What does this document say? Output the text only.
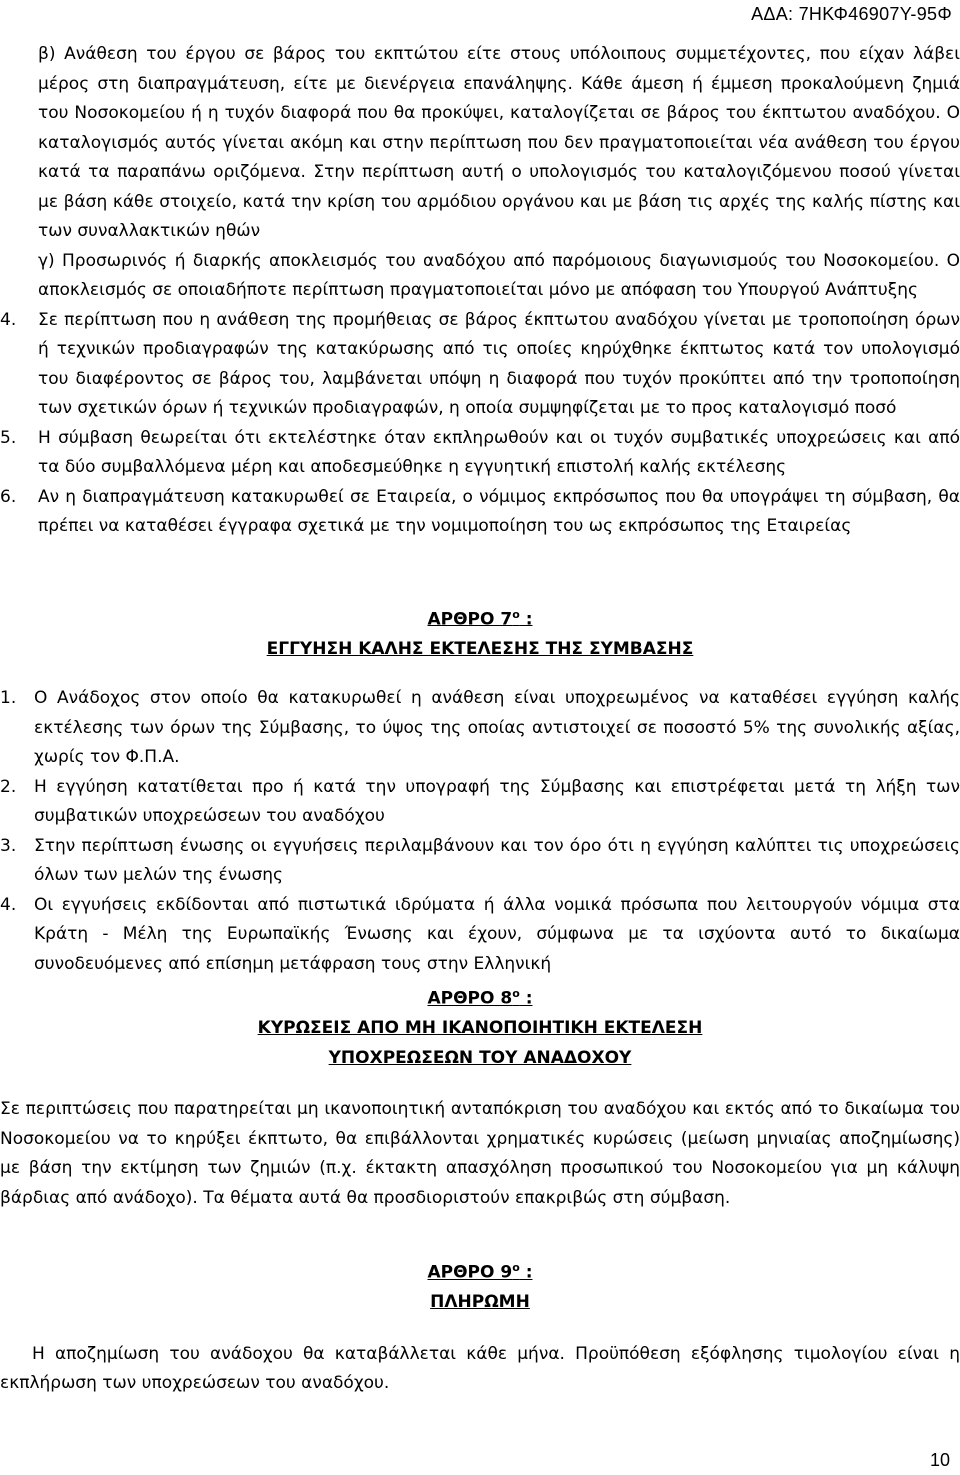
ΑΔΑ: 7ΗΚΦ46907Υ-95Φ

β) Ανάθεση του έργου σε βάρος του εκπτώτου είτε στους υπόλοιπους συμμετέχοντες, που είχαν λάβει μέρος στη διαπραγμάτευση, είτε με διενέργεια επανάληψης. Κάθε άμεση ή έμμεση προκαλούμενη ζημιά του Νοσοκομείου ή η τυχόν διαφορά που θα προκύψει, καταλογίζεται σε βάρος του έκπτωτου αναδόχου. Ο καταλογισμός αυτός γίνεται ακόμη και στην περίπτωση που δεν πραγματοποιείται νέα ανάθεση του έργου κατά τα παραπάνω οριζόμενα. Στην περίπτωση αυτή ο υπολογισμός του καταλογιζόμενου ποσού γίνεται με βάση κάθε στοιχείο, κατά την κρίση του αρμόδιου οργάνου και με βάση τις αρχές της καλής πίστης και των συναλλακτικών ηθών

γ) Προσωρινός ή διαρκής αποκλεισμός του αναδόχου από παρόμοιους διαγωνισμούς του Νοσοκομείου. Ο αποκλεισμός σε οποιαδήποτε περίπτωση πραγματοποιείται μόνο με απόφαση του Υπουργού Ανάπτυξης

4.	Σε περίπτωση που η ανάθεση της προμήθειας σε βάρος έκπτωτου αναδόχου γίνεται με τροποποίηση όρων ή τεχνικών προδιαγραφών της κατακύρωσης από τις οποίες κηρύχθηκε έκπτωτος κατά τον υπολογισμό του διαφέροντος σε βάρος του, λαμβάνεται υπόψη η διαφορά που τυχόν προκύπτει από την τροποποίηση των σχετικών όρων ή τεχνικών προδιαγραφών, η οποία συμψηφίζεται με το προς καταλογισμό ποσό
5.	Η σύμβαση θεωρείται ότι εκτελέστηκε όταν εκπληρωθούν και οι τυχόν συμβατικές υποχρεώσεις και από τα δύο συμβαλλόμενα μέρη και αποδεσμεύθηκε η εγγυητική επιστολή καλής εκτέλεσης
6.	Αν η διαπραγμάτευση κατακυρωθεί σε Εταιρεία, ο νόμιμος εκπρόσωπος που θα υπογράψει τη σύμβαση, θα πρέπει να καταθέσει έγγραφα σχετικά με την νομιμοποίηση του ως εκπρόσωπος της Εταιρείας

ΑΡΘΡΟ $7^o$ :

ΕΓΓΥΗΣΗ ΚΑΛΗΣ ΕΚΤΕΛΕΣΗΣ ΤΗΣ ΣΥΜΒΑΣΗΣ

1.	Ο Ανάδοχος στον οποίο θα κατακυρωθεί η ανάθεση είναι υποχρεωμένος να καταθέσει εγγύηση καλής εκτέλεσης των όρων της Σύμβασης, το ύψος της οποίας αντιστοιχεί σε ποσοστό 5% της συνολικής αξίας, χωρίς τον Φ.Π.Α.
2.	Η εγγύηση κατατίθεται προ ή κατά την υπογραφή της Σύμβασης και επιστρέφεται μετά τη λήξη των συμβατικών υποχρεώσεων του αναδόχου
3.	Στην περίπτωση ένωσης οι εγγυήσεις περιλαμβάνουν και τον όρο ότι η εγγύηση καλύπτει τις υποχρεώσεις όλων των μελών της ένωσης
4.	Οι εγγυήσεις εκδίδονται από πιστωτικά ιδρύματα ή άλλα νομικά πρόσωπα που λειτουργούν νόμιμα στα Κράτη - Μέλη της Ευρωπαϊκής Ένωσης και έχουν, σύμφωνα με τα ισχύοντα αυτό το δικαίωμα συνοδευόμενες από επίσημη μετάφραση τους στην Ελληνική

ΑΡΘΡΟ $8^o$ :

ΚΥΡΩΣΕΙΣ ΑΠΟ ΜΗ ΙΚΑΝΟΠΟΙΗΤΙΚΗ ΕΚΤΕΛΕΣΗ

ΥΠΟΧΡΕΩΣΕΩΝ ΤΟΥ ΑΝΑΔΟΧΟΥ

Σε περιπτώσεις που παρατηρείται μη ικανοποιητική ανταπόκριση του αναδόχου και εκτός από το δικαίωμα του Νοσοκομείου να το κηρύξει έκπτωτο, θα επιβάλλονται χρηματικές κυρώσεις (μείωση μηνιαίας αποζημίωσης) με βάση την εκτίμηση των ζημιών (π.χ. έκτακτη απασχόληση προσωπικού του Νοσοκομείου για μη κάλυψη βάρδιας από ανάδοχο). Τα θέματα αυτά θα προσδιοριστούν επακριβώς στη σύμβαση.

ΑΡΘΡΟ $9^o$ :

ΠΛΗΡΩΜΗ

Η αποζημίωση του ανάδοχου θα καταβάλλεται κάθε μήνα. Προϋπόθεση εξόφλησης τιμολογίου είναι η εκπλήρωση των υποχρεώσεων του αναδόχου.

10
